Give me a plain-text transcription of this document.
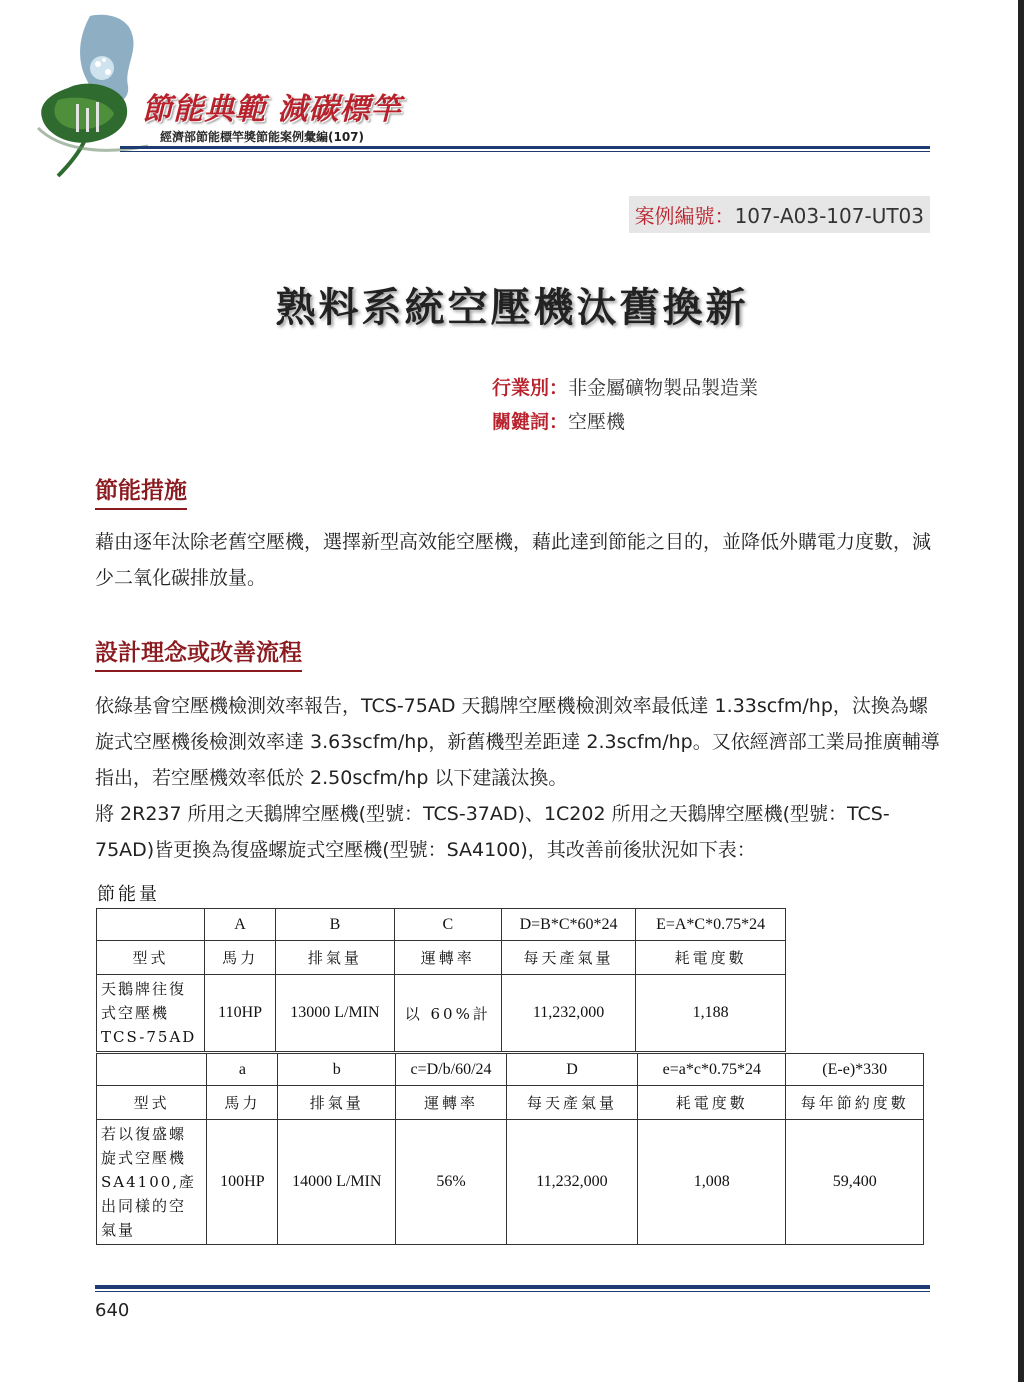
節能典範 減碳標竿
經濟部節能標竿獎節能案例彙編(107)
案例編號：107-A03-107-UT03
熟料系統空壓機汰舊換新
行業別：非金屬礦物製品製造業
關鍵詞：空壓機
節能措施
藉由逐年汰除老舊空壓機，選擇新型高效能空壓機，藉此達到節能之目的，並降低外購電力度數，減少二氧化碳排放量。
設計理念或改善流程
依綠基會空壓機檢測效率報告，TCS-75AD 天鵝牌空壓機檢測效率最低達 1.33scfm/hp，汰換為螺旋式空壓機後檢測效率達 3.63scfm/hp，新舊機型差距達 2.3scfm/hp。又依經濟部工業局推廣輔導指出，若空壓機效率低於 2.50scfm/hp 以下建議汰換。
將 2R237 所用之天鵝牌空壓機(型號：TCS-37AD)、1C202 所用之天鵝牌空壓機(型號：TCS-75AD)皆更換為復盛螺旋式空壓機(型號：SA4100)，其改善前後狀況如下表：
節能量
	A	B	C	D=B*C*60*24	E=A*C*0.75*24
型式	馬力	排氣量	運轉率	每天產氣量	耗電度數
天鵝牌往復式空壓機 TCS-75AD	110HP	13000 L/MIN	以 60%計	11,232,000	1,188
	a	b	c=D/b/60/24	D	e=a*c*0.75*24	(E-e)*330
型式	馬力	排氣量	運轉率	每天產氣量	耗電度數	每年節約度數
若以復盛螺旋式空壓機 SA4100,產出同樣的空氣量	100HP	14000 L/MIN	56%	11,232,000	1,008	59,400
640
